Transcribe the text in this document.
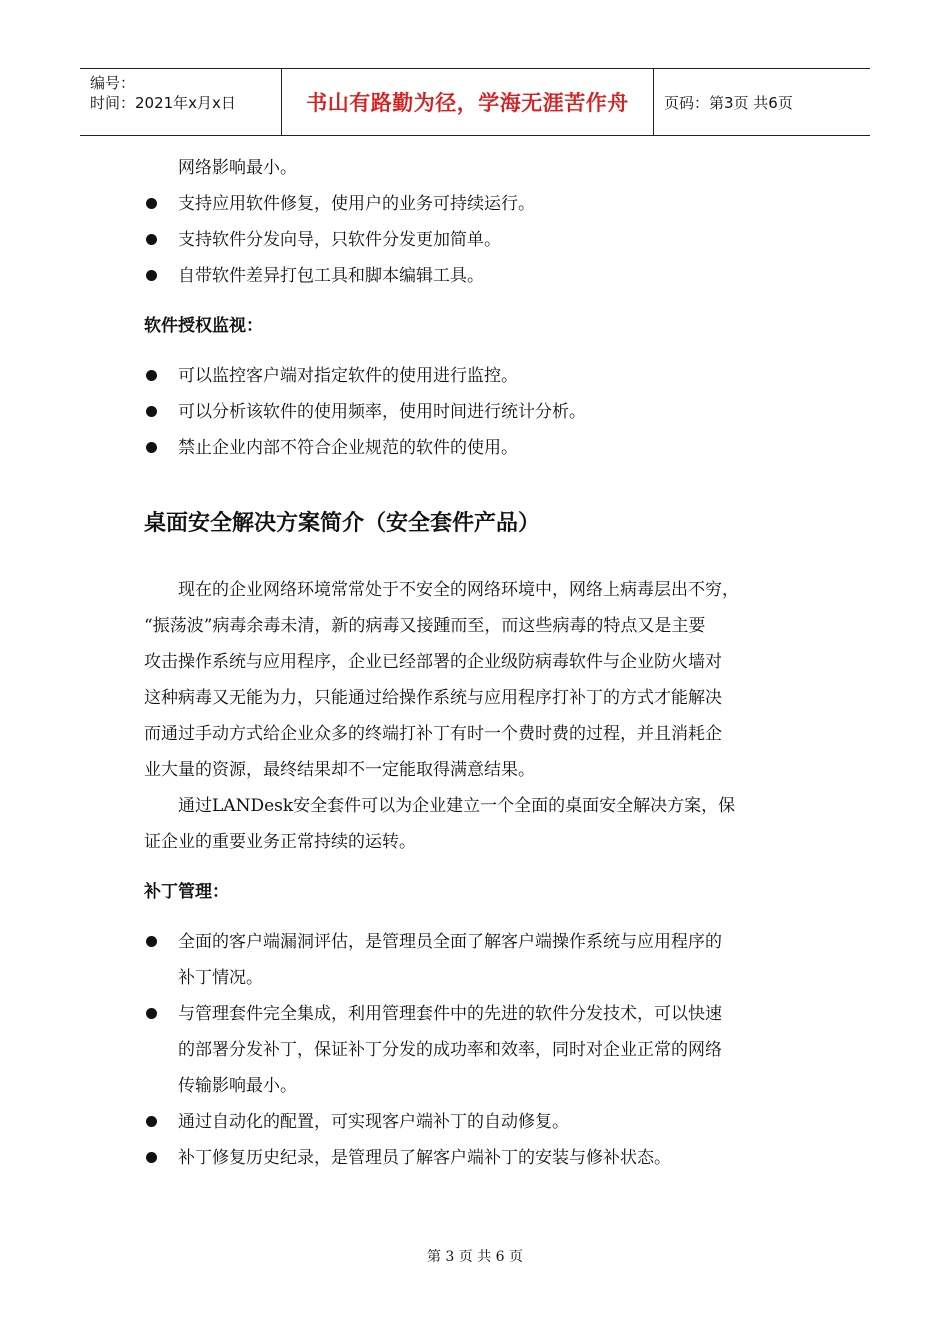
编号：
时间：2021年x月x日	书山有路勤为径，学海无涯苦作舟 页码：第3页 共6页
网络影响最小。
支持应用软件修复，使用户的业务可持续运行。
支持软件分发向导，只软件分发更加简单。
自带软件差异打包工具和脚本编辑工具。
软件授权监视：
可以监控客户端对指定软件的使用进行监控。
可以分析该软件的使用频率，使用时间进行统计分析。
禁止企业内部不符合企业规范的软件的使用。
桌面安全解决方案简介（安全套件产品）
现在的企业网络环境常常处于不安全的网络环境中，网络上病毒层出不穷，
“振荡波”病毒余毒未清，新的病毒又接踵而至，而这些病毒的特点又是主要
攻击操作系统与应用程序，企业已经部署的企业级防病毒软件与企业防火墙对
这种病毒又无能为力，只能通过给操作系统与应用程序打补丁的方式才能解决
而通过手动方式给企业众多的终端打补丁有时一个费时费的过程，并且消耗企
业大量的资源，最终结果却不一定能取得满意结果。
通过LANDesk安全套件可以为企业建立一个全面的桌面安全解决方案，保
证企业的重要业务正常持续的运转。
补丁管理：
全面的客户端漏洞评估，是管理员全面了解客户端操作系统与应用程序的
补丁情况。
与管理套件完全集成，利用管理套件中的先进的软件分发技术，可以快速
的部署分发补丁，保证补丁分发的成功率和效率，同时对企业正常的网络
传输影响最小。
通过自动化的配置，可实现客户端补丁的自动修复。
补丁修复历史纪录，是管理员了解客户端补丁的安装与修补状态。
第 3 页 共 6 页
